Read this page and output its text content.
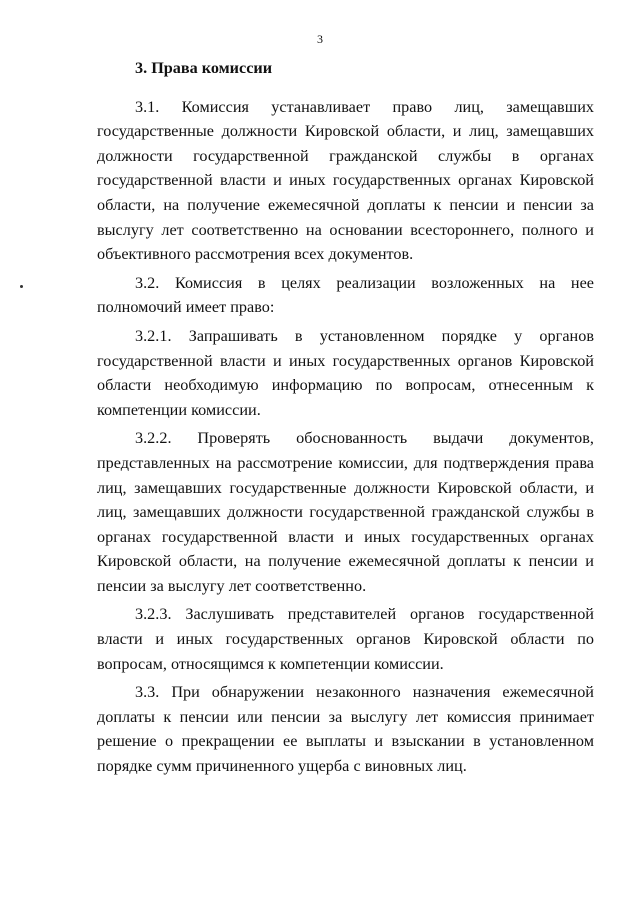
3

3. Права комиссии

3.1. Комиссия устанавливает право лиц, замещавших государственные должности Кировской области, и лиц, замещавших должности государственной гражданской службы в органах государственной власти и иных государственных органах Кировской области, на получение ежемесячной доплаты к пенсии и пенсии за выслугу лет соответственно на основании всестороннего, полного и объективного рассмотрения всех документов.

3.2. Комиссия в целях реализации возложенных на нее полномочий имеет право:

3.2.1. Запрашивать в установленном порядке у органов государственной власти и иных государственных органов Кировской области необходимую информацию по вопросам, отнесенным к компетенции комиссии.

3.2.2. Проверять обоснованность выдачи документов, представленных на рассмотрение комиссии, для подтверждения права лиц, замещавших государственные должности Кировской области, и лиц, замещавших должности государственной гражданской службы в органах государственной власти и иных государственных органах Кировской области, на получение ежемесячной доплаты к пенсии и пенсии за выслугу лет соответственно.

3.2.3. Заслушивать представителей органов государственной власти и иных государственных органов Кировской области по вопросам, относящимся к компетенции комиссии.

3.3. При обнаружении незаконного назначения ежемесячной доплаты к пенсии или пенсии за выслугу лет комиссия принимает решение о прекращении ее выплаты и взыскании в установленном порядке сумм причиненного ущерба с виновных лиц.
